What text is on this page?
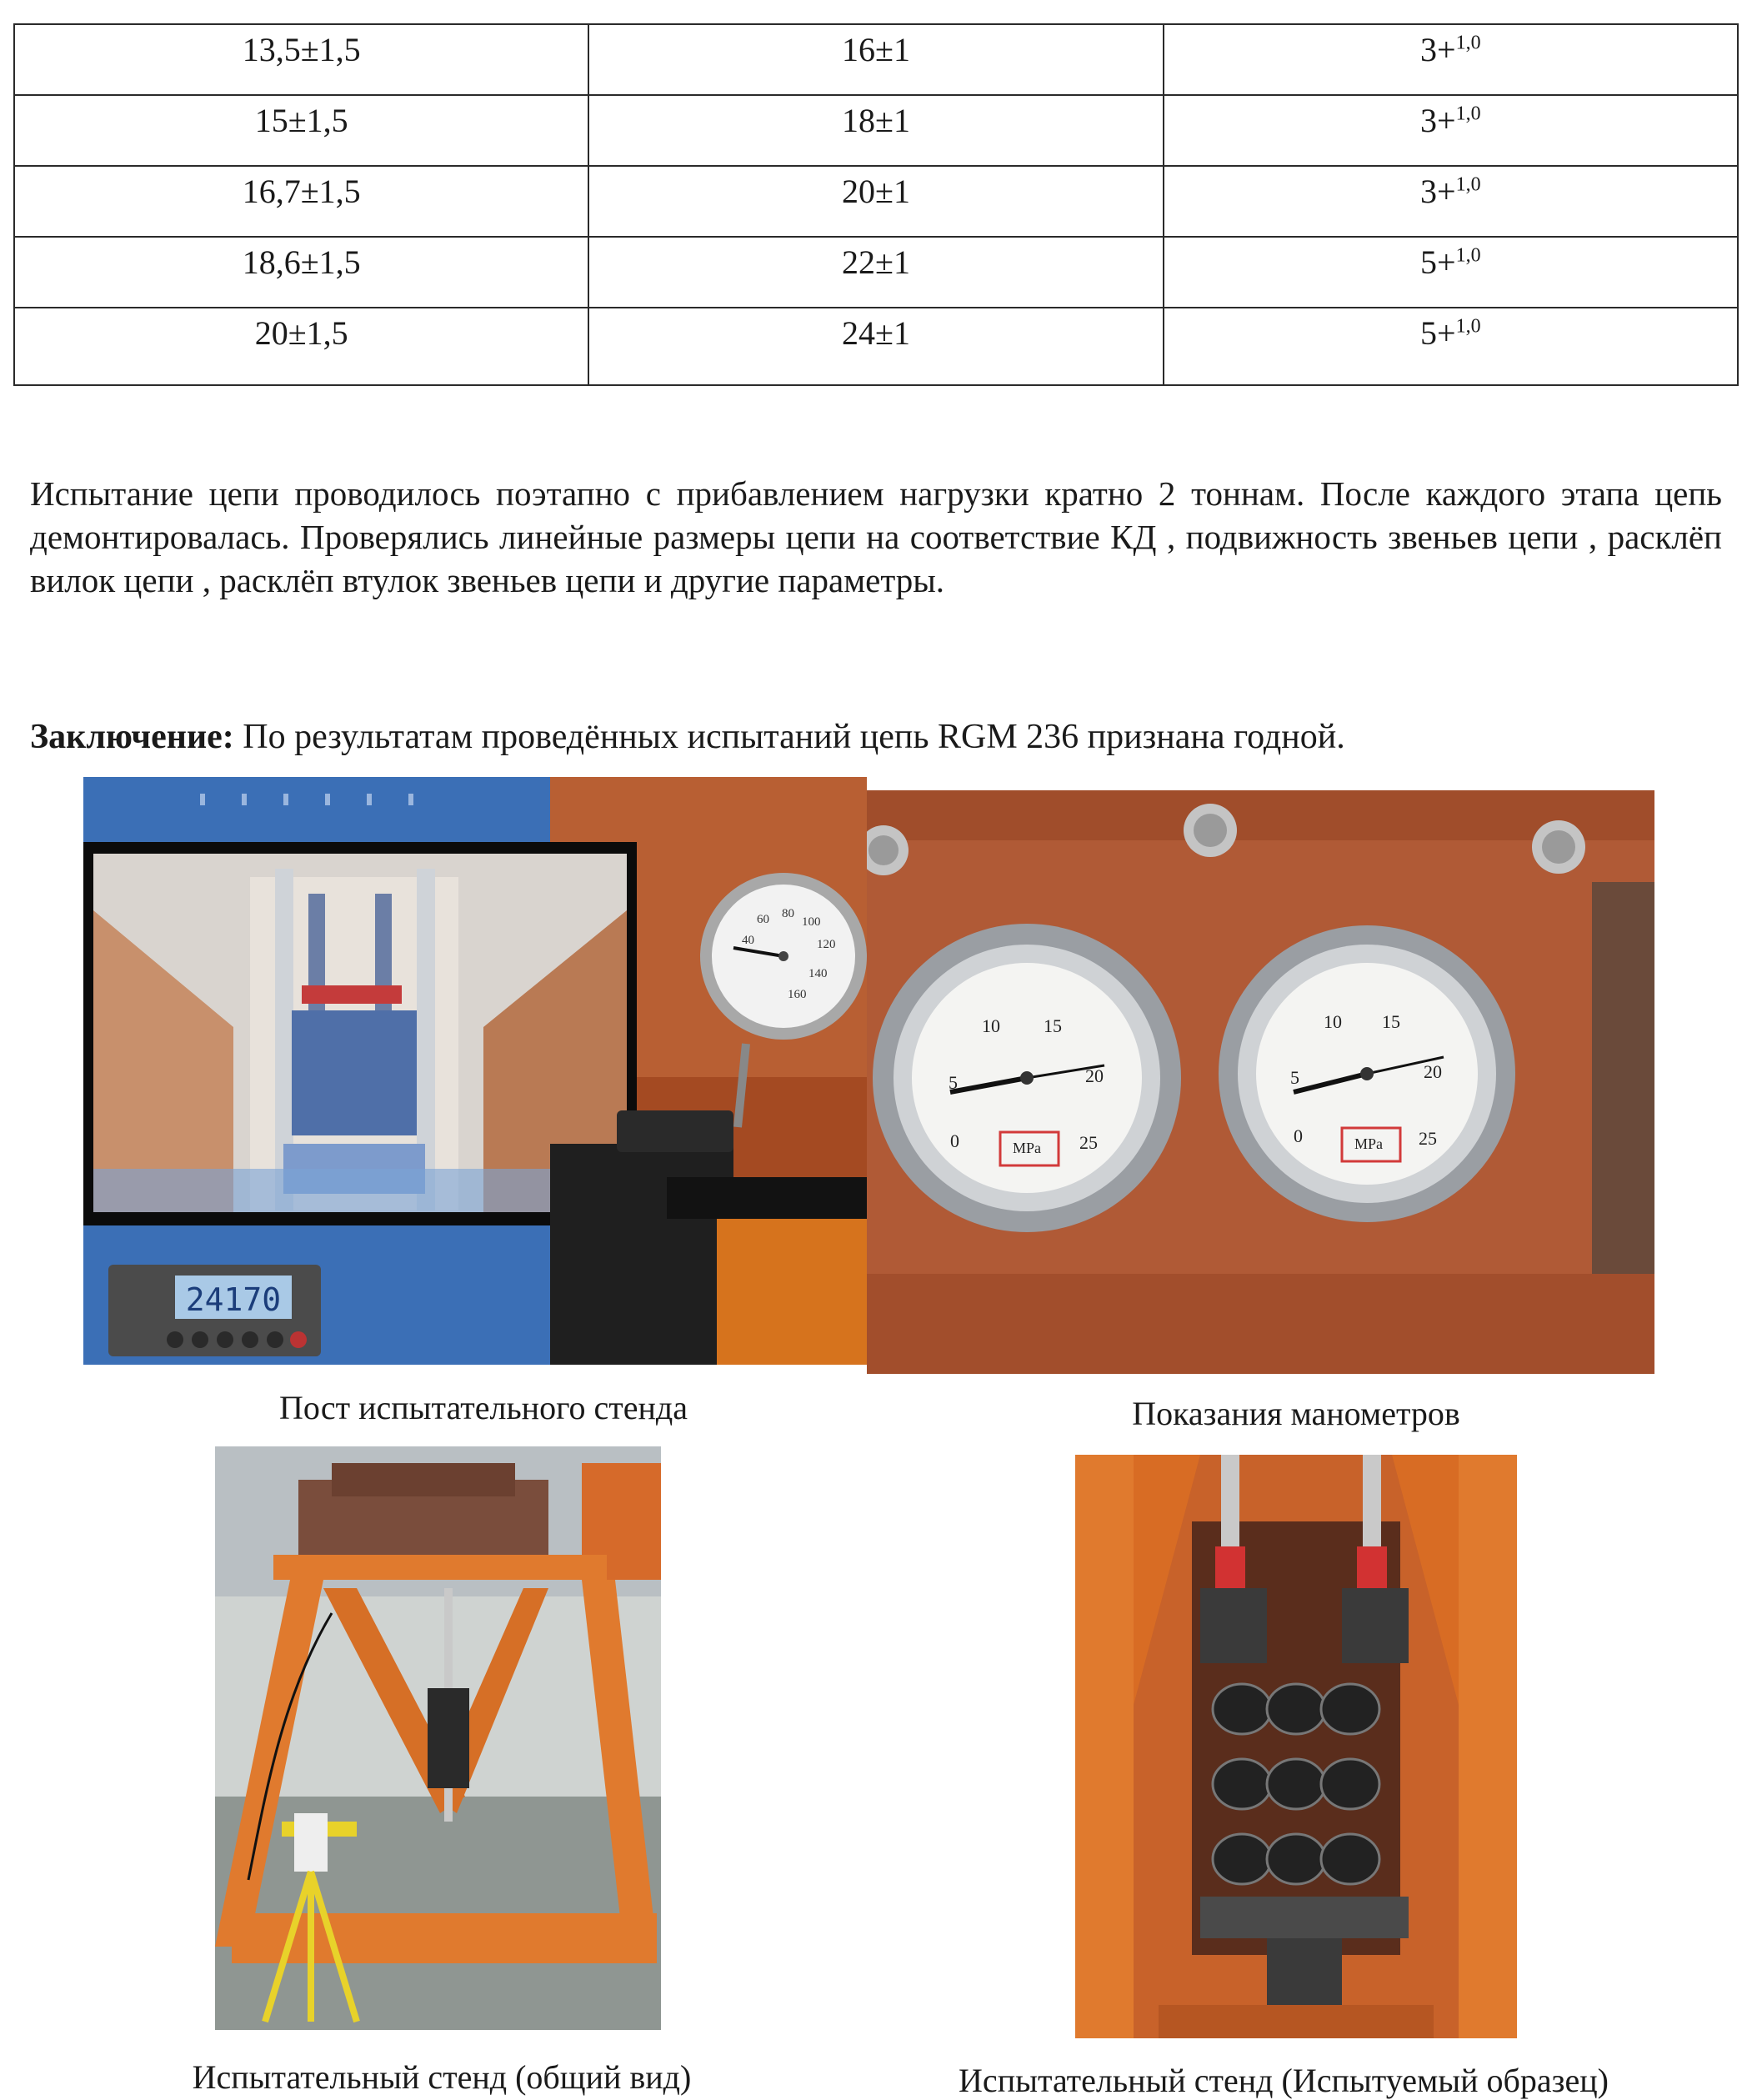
13,5±1,5	16±1	3+$^{1,0}$
15±1,5	18±1	3+$^{1,0}$
16,7±1,5	20±1	3+$^{1,0}$
18,6±1,5	22±1	5+$^{1,0}$
20±1,5	24±1	5+$^{1,0}$

Испытание цепи проводилось поэтапно с прибавлением нагрузки кратно 2 тоннам. После каждого этапа цепь демонтировалась. Проверялись линейные размеры цепи на соответствие КД , подвижность звеньев цепи , расклёп вилок цепи , расклёп втулок звеньев цепи и другие параметры.

Заключение: По результатам проведённых испытаний цепь RGM 236 признана годной.
24170
40
60 80
100
120
140
160
Пост испытательного стенда
0
5
10 15
20
25
MPa
0
5
10 15
20
25
MPa
Показания манометров
Испытательный стенд (общий вид)	Испытательный стенд (Испытуемый образец)
